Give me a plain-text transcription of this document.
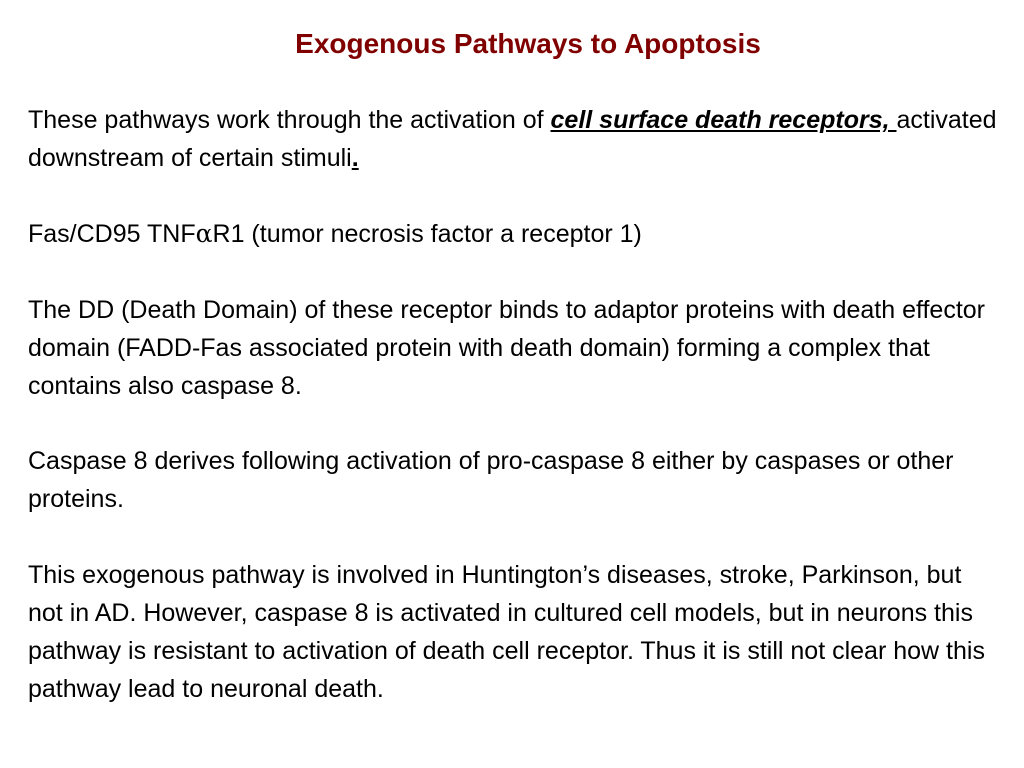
Exogenous Pathways to Apoptosis

These pathways work through the activation of cell surface death receptors, activated downstream of certain stimuli.

Fas/CD95 TNFαR1 (tumor necrosis factor a receptor 1)

The DD (Death Domain) of these receptor binds to adaptor proteins with death effector domain (FADD-Fas associated protein with death domain) forming a complex that contains also caspase 8.

Caspase 8 derives following activation of pro-caspase 8 either by caspases or other proteins.

This exogenous pathway is involved in Huntington’s diseases, stroke, Parkinson, but not in AD. However, caspase 8 is activated in cultured cell models, but in neurons this pathway is resistant to activation of death cell receptor. Thus it is still not clear how this pathway lead to neuronal death.
